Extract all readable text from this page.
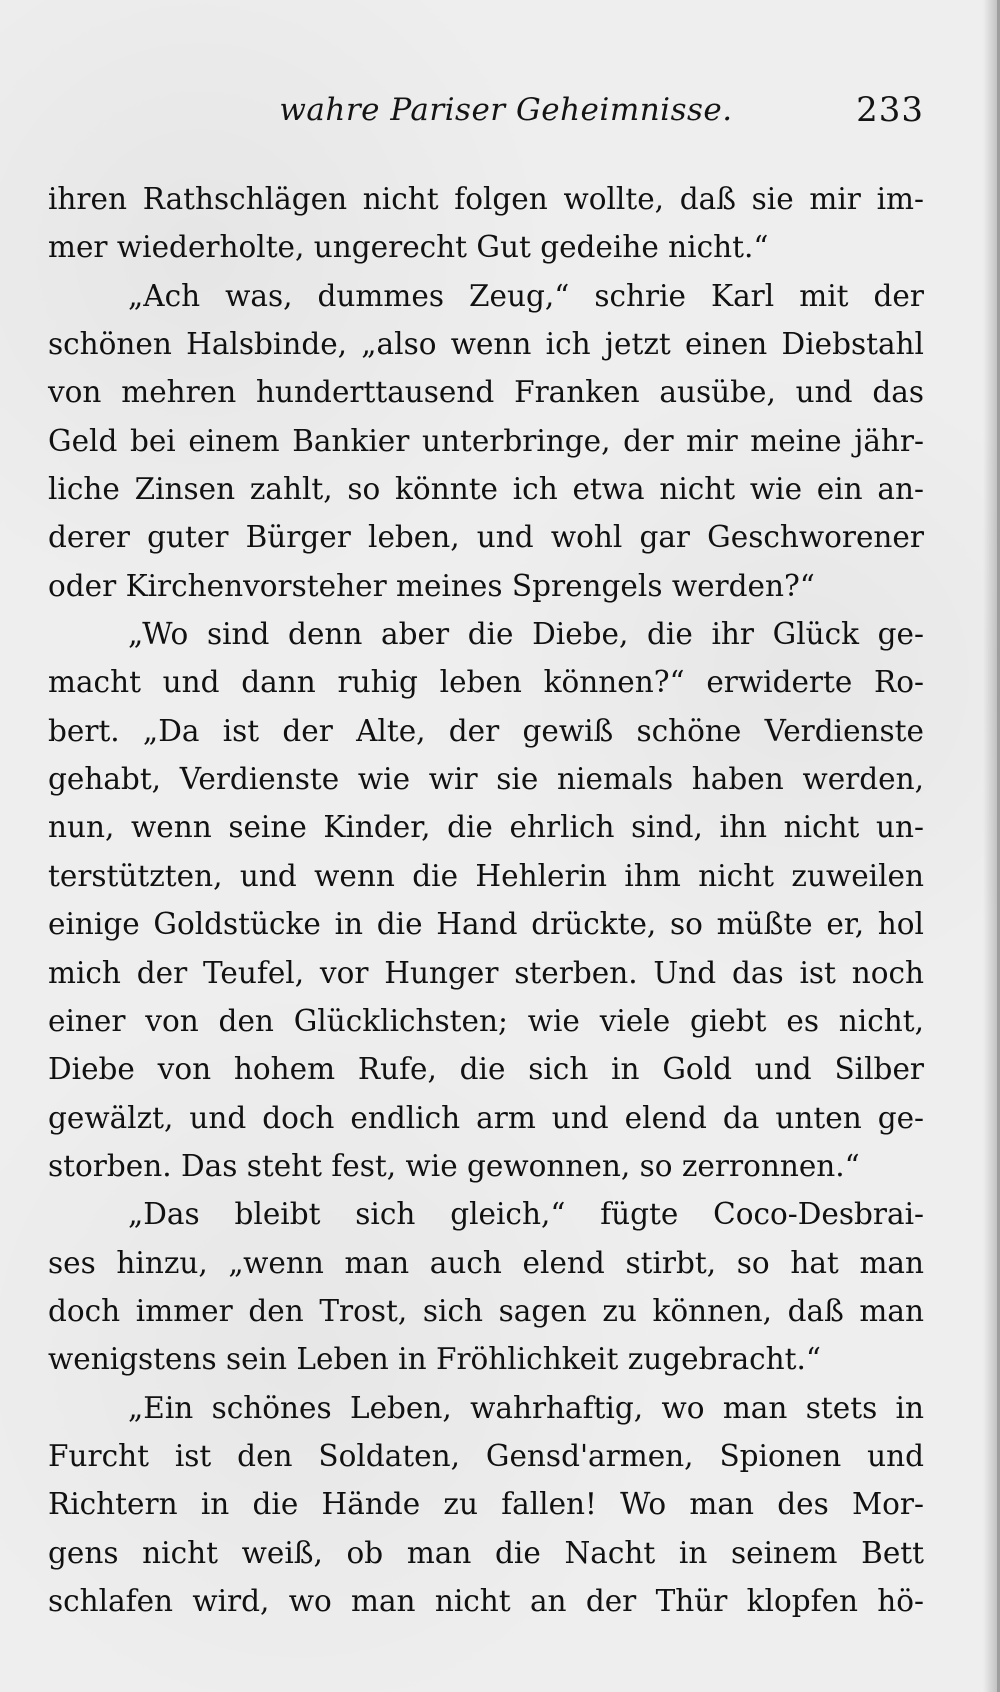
wahre Pariser Geheimnisse.	233
ihren Rathschlägen nicht folgen wollte, daß sie mir im-
mer wiederholte, ungerecht Gut gedeihe nicht.“
„Ach was, dummes Zeug,“ schrie Karl mit der
schönen Halsbinde, „also wenn ich jetzt einen Diebstahl
von mehren hunderttausend Franken ausübe, und das
Geld bei einem Bankier unterbringe, der mir meine jähr-
liche Zinsen zahlt, so könnte ich etwa nicht wie ein an-
derer guter Bürger leben, und wohl gar Geschworener
oder Kirchenvorsteher meines Sprengels werden?“
„Wo sind denn aber die Diebe, die ihr Glück ge-
macht und dann ruhig leben können?“ erwiderte Ro-
bert. „Da ist der Alte, der gewiß schöne Verdienste
gehabt, Verdienste wie wir sie niemals haben werden,
nun, wenn seine Kinder, die ehrlich sind, ihn nicht un-
terstützten, und wenn die Hehlerin ihm nicht zuweilen
einige Goldstücke in die Hand drückte, so müßte er, hol
mich der Teufel, vor Hunger sterben. Und das ist noch
einer von den Glücklichsten; wie viele giebt es nicht,
Diebe von hohem Rufe, die sich in Gold und Silber
gewälzt, und doch endlich arm und elend da unten ge-
storben. Das steht fest, wie gewonnen, so zerronnen.“
„Das bleibt sich gleich,“ fügte Coco-Desbrai-
ses hinzu, „wenn man auch elend stirbt, so hat man
doch immer den Trost, sich sagen zu können, daß man
wenigstens sein Leben in Fröhlichkeit zugebracht.“
„Ein schönes Leben, wahrhaftig, wo man stets in
Furcht ist den Soldaten, Gensd'armen, Spionen und
Richtern in die Hände zu fallen! Wo man des Mor-
gens nicht weiß, ob man die Nacht in seinem Bett
schlafen wird, wo man nicht an der Thür klopfen hö-
